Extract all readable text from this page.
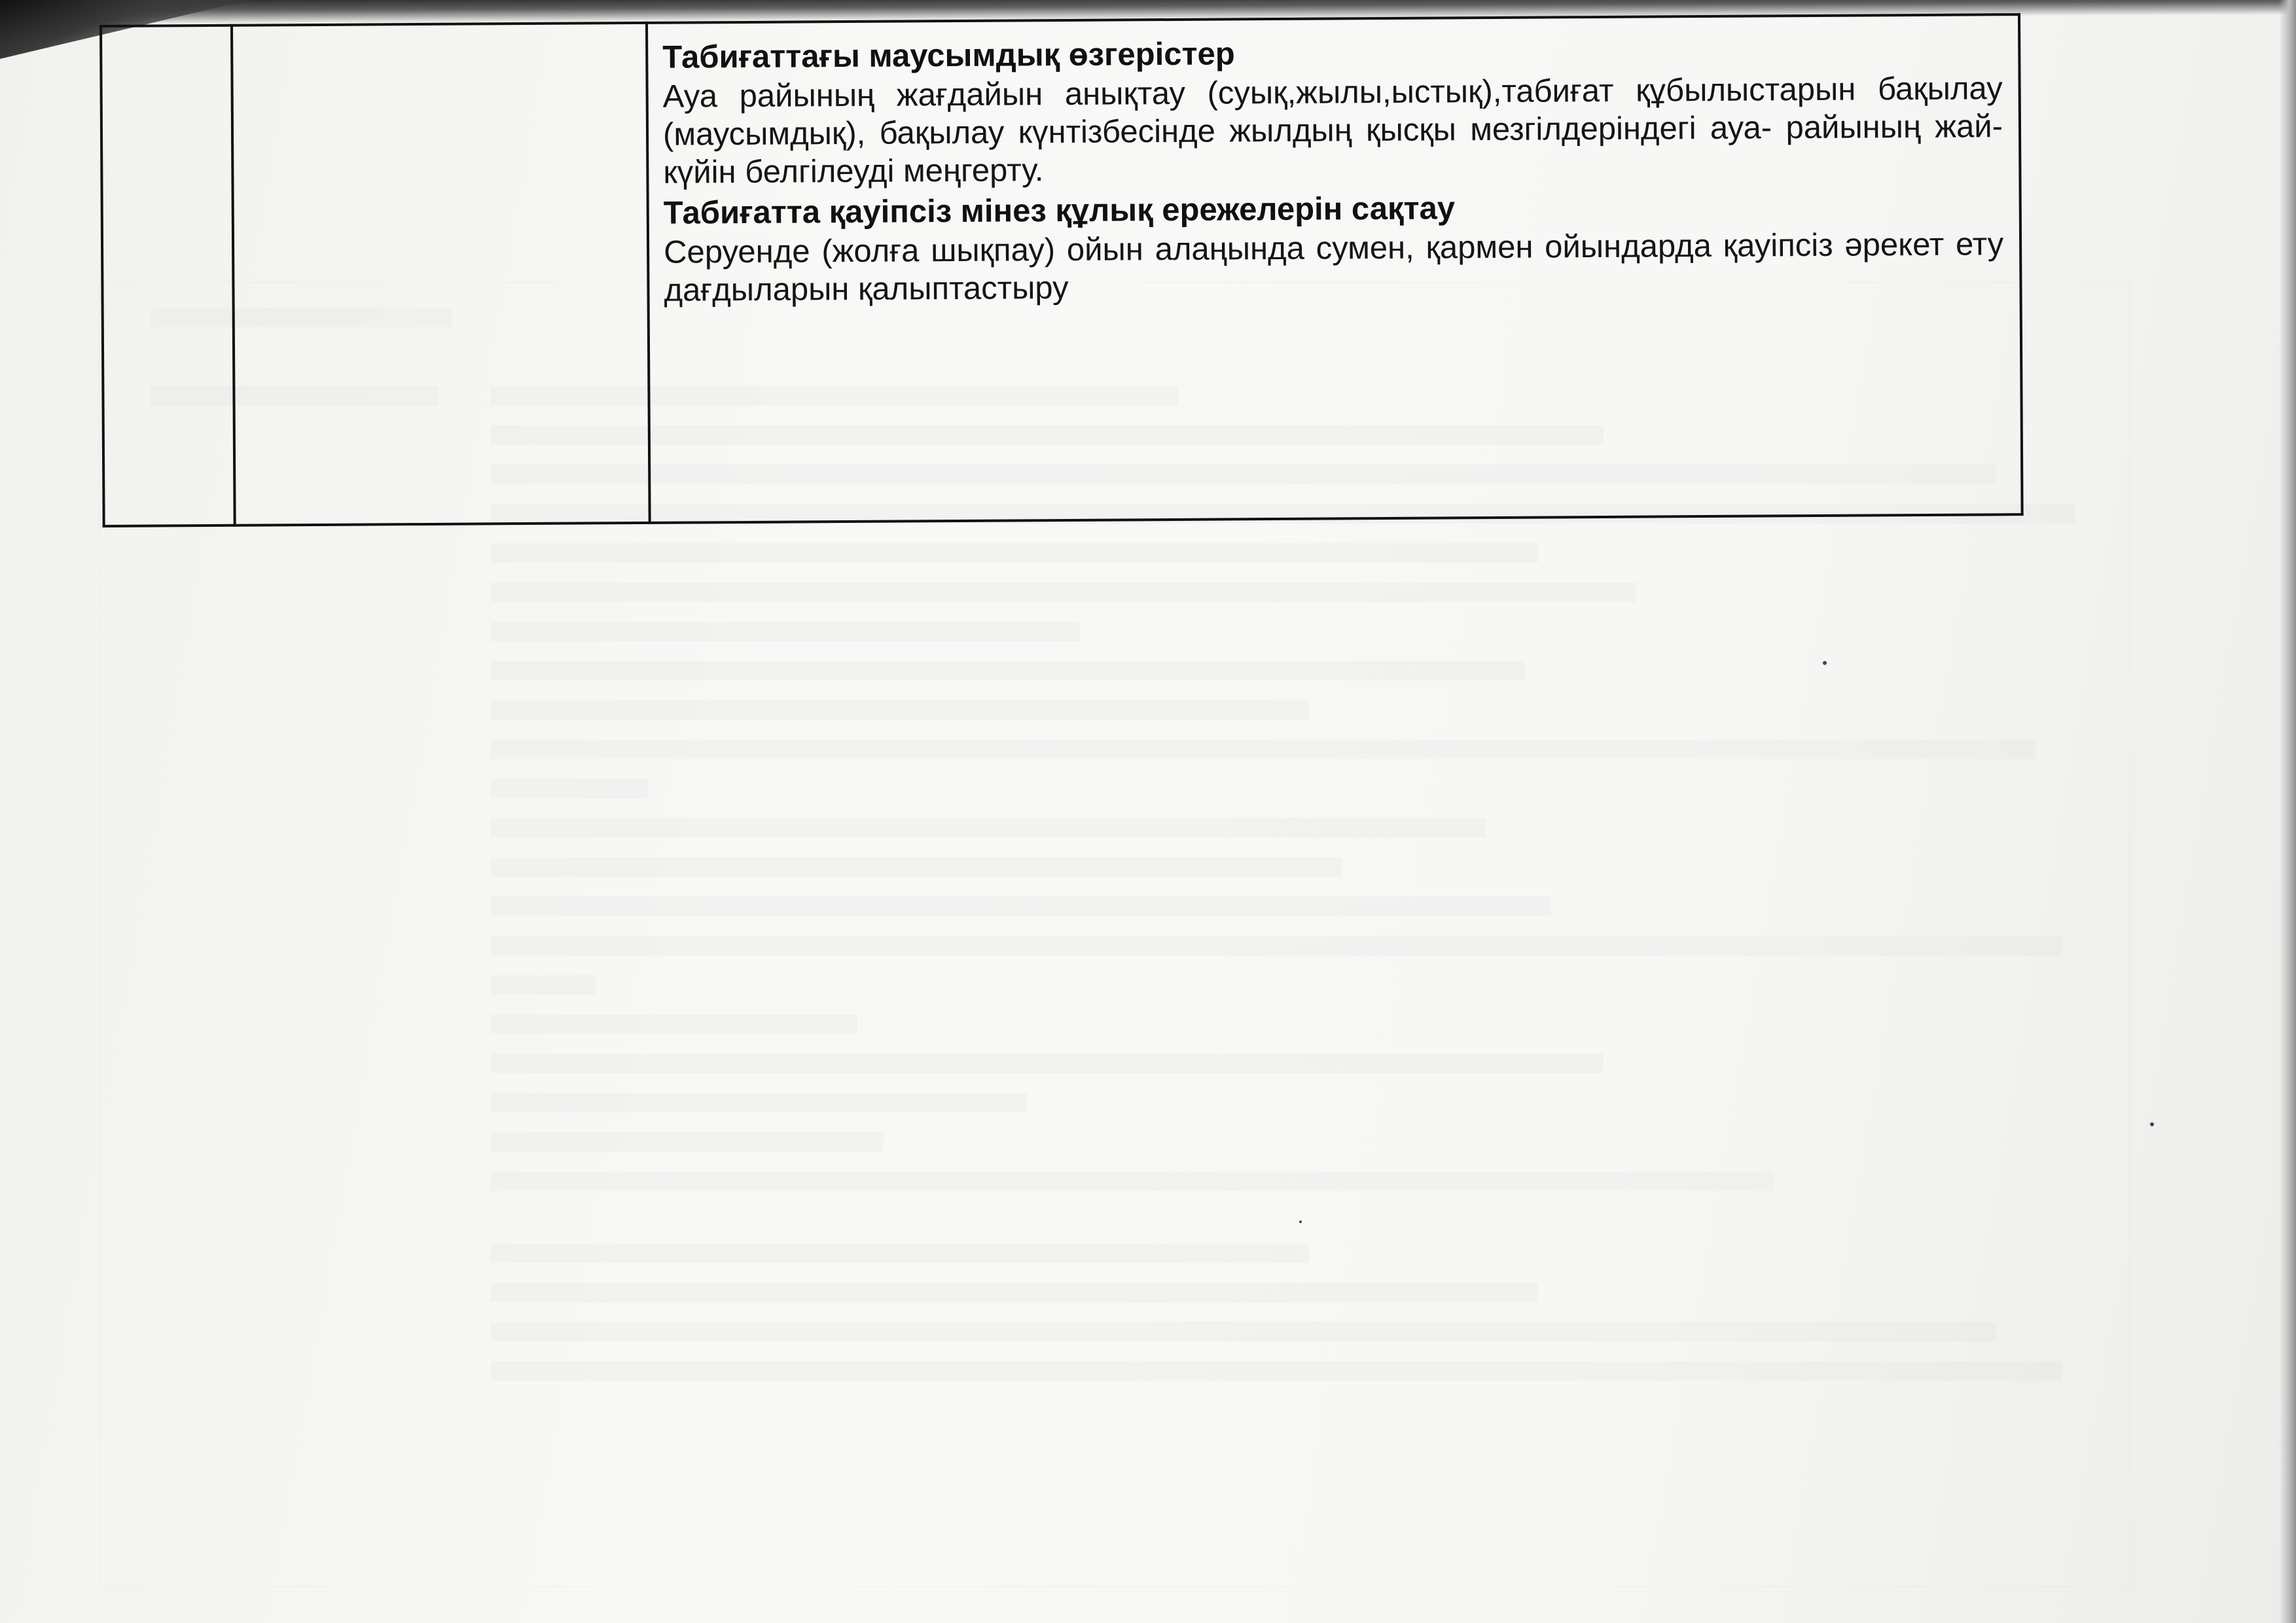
Табиғаттағы маусымдық өзгерістер

Ауа райының жағдайын анықтау (суық,жылы,ыстық),табиғат құбылыстарын бақылау (маусымдық), бақылау күнтізбесінде жылдың қысқы мезгілдеріндегі ауа- райының жай- күйін белгілеуді меңгерту.

Табиғатта қауіпсіз мінез құлық ережелерін сақтау

Серуенде (жолға шықпау) ойын алаңында сумен, қармен ойындарда қауіпсіз әрекет ету дағдыларын қалыптастыру
